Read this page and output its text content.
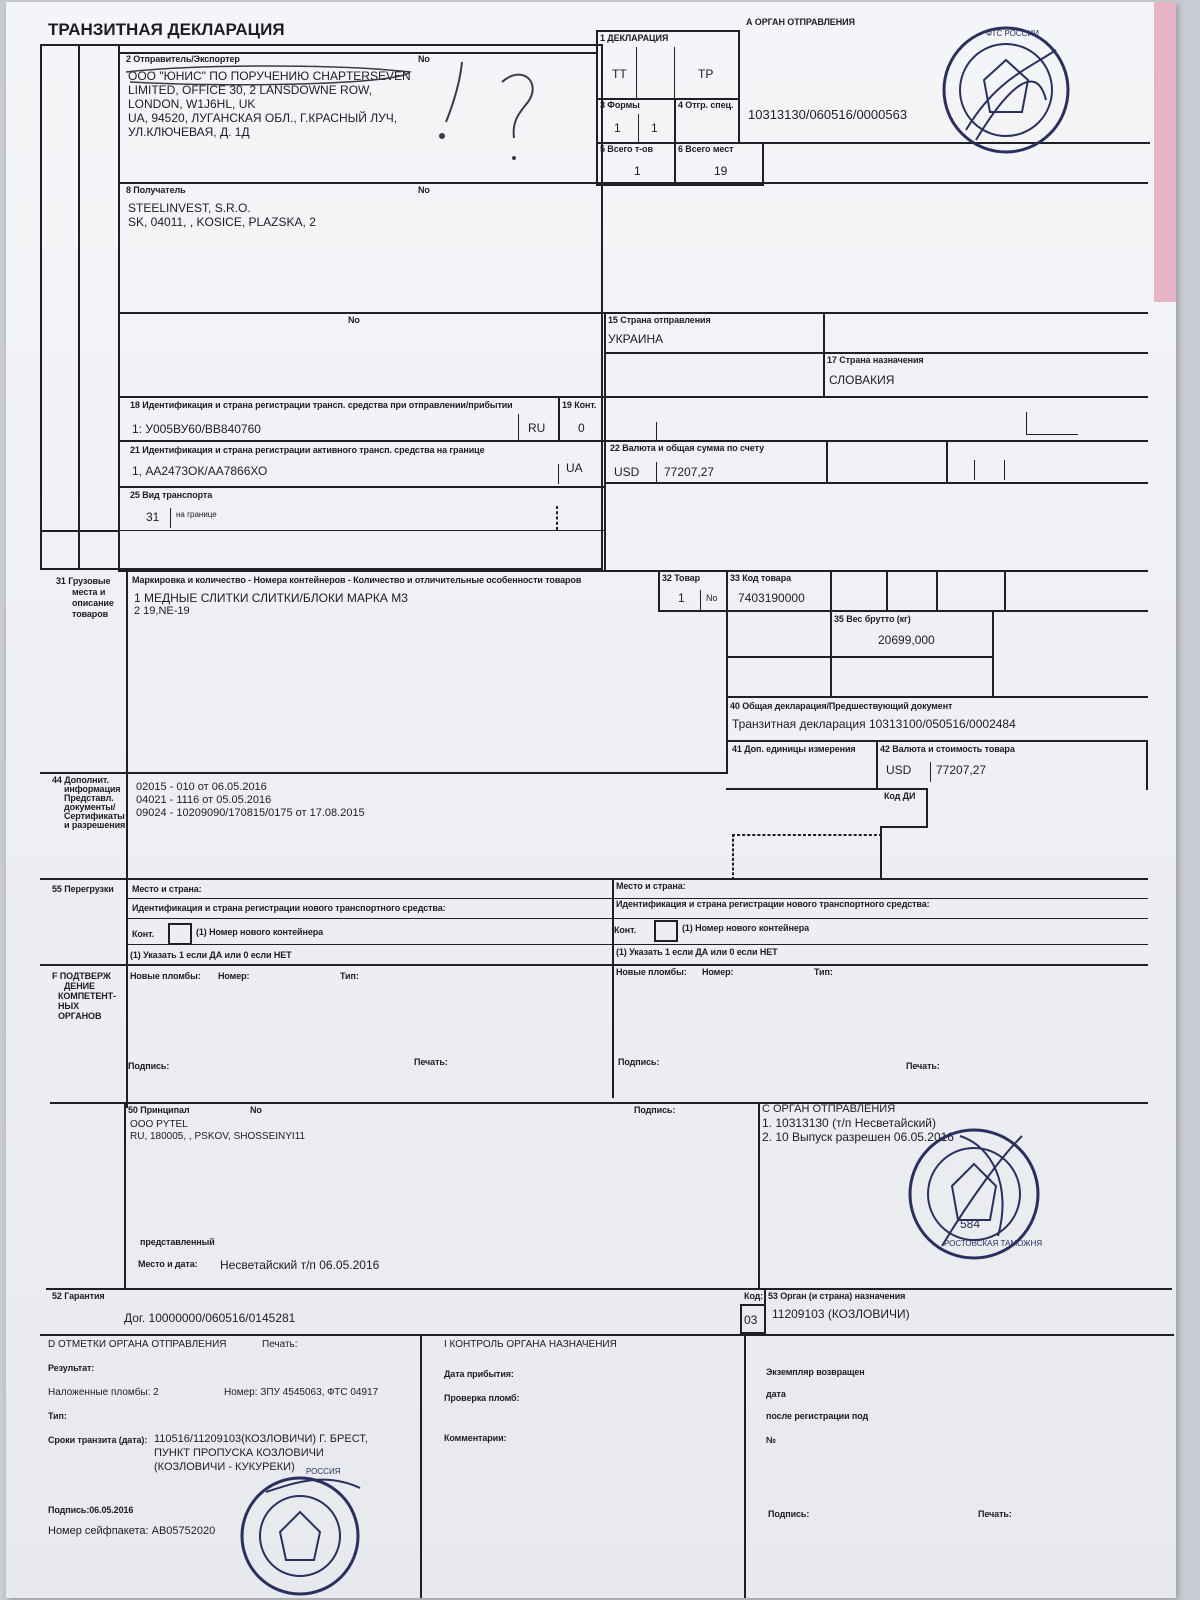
ТРАНЗИТНАЯ ДЕКЛАРАЦИЯ	А ОРГАН ОТПРАВЛЕНИЯ
10313130/060516/0000563
1 ДЕКЛАРАЦИЯ
TT	TP
3 Формы	4 Отгр. спец.
1	1
5 Всего т-ов	6 Всего мест
1	19
2 Отправитель/Экспортер	No
ООО "ЮНИС" ПО ПОРУЧЕНИЮ CHAPTERSEVEN
LIMITED, OFFICE 30, 2 LANSDOWNE ROW,
LONDON, W1J6HL, UK
UA, 94520, ЛУГАНСКАЯ ОБЛ., Г.КРАСНЫЙ ЛУЧ,
УЛ.КЛЮЧЕВАЯ, Д. 1Д
8 Получатель	No
STEELINVEST, S.R.O.
SK, 04011, , KOSICE, PLAZSKA, 2
No	15 Страна отправления
УКРАИНА
17 Страна назначения
СЛОВАКИЯ
18 Идентификация и страна регистрации трансп. средства при отправлении/прибытии
1: У005ВУ60/ВВ840760	RU
19 Конт.
0
21 Идентификация и страна регистрации активного трансп. средства на границе
1, АА2473ОК/АА7866ХО	UA
22 Валюта и общая сумма по счету
USD 77207,27
25 Вид транспорта
31 на границе
31 Грузовые
места и
описание
товаров
Маркировка и количество - Номера контейнеров - Количество и отличительные особенности товаров
1 МЕДНЫЕ СЛИТКИ СЛИТКИ/БЛОКИ МАРКА М3
2 19,NE-19
32 Товар
1 No
33 Код товара
7403190000
35 Вес брутто (кг)
20699,000
40 Общая декларация/Предшествующий документ
Транзитная декларация 10313100/050516/0002484
41 Доп. единицы измерения	42 Валюта и стоимость товара
USD 77207,27
44 Дополнит.
информация
Представл.
документы/
Сертификаты
и разрешения
02015 - 010 от 06.05.2016
04021 - 1116 от 05.05.2016
09024 - 10209090/170815/0175 от 17.08.2015
Код ДИ
55 Перегрузки Место и страна:	Место и страна:
Идентификация и страна регистрации нового транспортного средства:	Идентификация и страна регистрации нового транспортного средства:
Конт.	(1) Номер нового контейнера	Конт.	(1) Номер нового контейнера
(1) Указать 1 если ДА или 0 если НЕТ	(1) Указать 1 если ДА или 0 если НЕТ
F ПОДТВЕРЖ
ДЕНИЕ
КОМПЕТЕНТ-
НЫХ
ОРГАНОВ
Новые пломбы: Номер:	Тип:	Новые пломбы: Номер:	Тип:
Подпись:	Печать:	Подпись:	Печать:
50 Принципал	No	Подпись:
ООО PYTEL
RU, 180005, , PSKOV, SHOSSEINYI11
представленный
Место и дата: Несветайский т/п 06.05.2016
С ОРГАН ОТПРАВЛЕНИЯ
1. 10313130 (т/п Несветайский)
2. 10 Выпуск разрешен 06.05.2016
52 Гарантия
Дог. 10000000/060516/0145281
Код:
03
53 Орган (и страна) назначения
11209103 (КОЗЛОВИЧИ)
D ОТМЕТКИ ОРГАНА ОТПРАВЛЕНИЯ	Печать:
Результат:
Наложенные пломбы: 2	Номер: ЗПУ 4545063, ФТС 04917
Тип:
Сроки транзита (дата): 110516/11209103(КОЗЛОВИЧИ) Г. БРЕСТ,
ПУНКТ ПРОПУСКА КОЗЛОВИЧИ
(КОЗЛОВИЧИ - КУКУРЕКИ)
Подпись:06.05.2016
Номер сейфпакета: АВ05752020
I КОНТРОЛЬ ОРГАНА НАЗНАЧЕНИЯ
Дата прибытия:
Проверка пломб:
Комментарии:
Экземпляр возвращен
дата
после регистрации под
№
Подпись:	Печать:
ФТС РОССИИ
РОСТОВСКАЯ ТАМОЖНЯ
584
РОССИЯ
